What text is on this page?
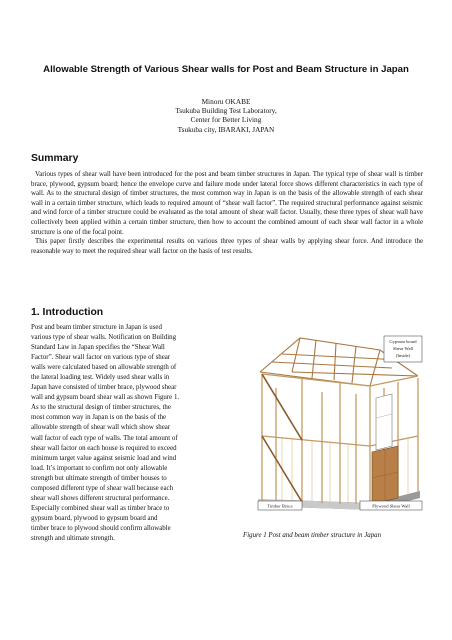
Allowable Strength of Various Shear walls for Post and Beam Structure in Japan
Minoru OKABE
Tsukuba Building Test Laboratory,
Center for Better Living
Tsukuba city, IBARAKI, JAPAN
Summary

Various types of shear wall have been introduced for the post and beam timber structures in Japan. The typical type of shear wall is timber brace, plywood, gypsum board; hence the envelope curve and failure mode under lateral force shows different characteristics in each type of wall. As to the structural design of timber structures, the most common way in Japan is on the basis of the allowable strength of each shear wall in a certain timber structure, which leads to required amount of “shear wall factor”. The required structural performance against seismic and wind force of a timber structure could be evaluated as the total amount of shear wall factor. Usually, these three types of shear wall have collectively been applied within a certain timber structure, then how to account the combined amount of each shear wall factor in a whole structure is one of the focal point.

This paper firstly describes the experimental results on various three types of shear walls by applying shear force. And introduce the reasonable way to meet the required shear wall factor on the basis of test results.

1. Introduction
Post and beam timber structure in Japan is used
various type of shear walls. Notification on Building
Standard Law in Japan specifies the “Shear Wall
Factor”. Shear wall factor on various type of shear
walls were calculated based on allowable strength of
the lateral loading test. Widely used shear walls in
Japan have consisted of timber brace, plywood shear
wall and gypsum board shear wall as shown Figure 1.
As to the structural design of timber structures, the
most common way in Japan is on the basis of the
allowable strength of shear wall which show shear
wall factor of each type of walls. The total amount of
shear wall factor on each house is required to exceed
minimum target value against seismic load and wind
load. It’s important to confirm not only allowable
strength but ultimate strength of timber houses to
composed different type of shear wall because each
shear wall shows different structural performance.
Especially combined shear wall as timber brace to
gypsum board, plywood to gypsum board and
timber brace to plywood should confirm allowable
strength and ultimate strength.
Gypsum board
Shear Wall
(Inside)
Timber Brace	Plywood Shear Wall
Figure 1 Post and beam timber structure in Japan
